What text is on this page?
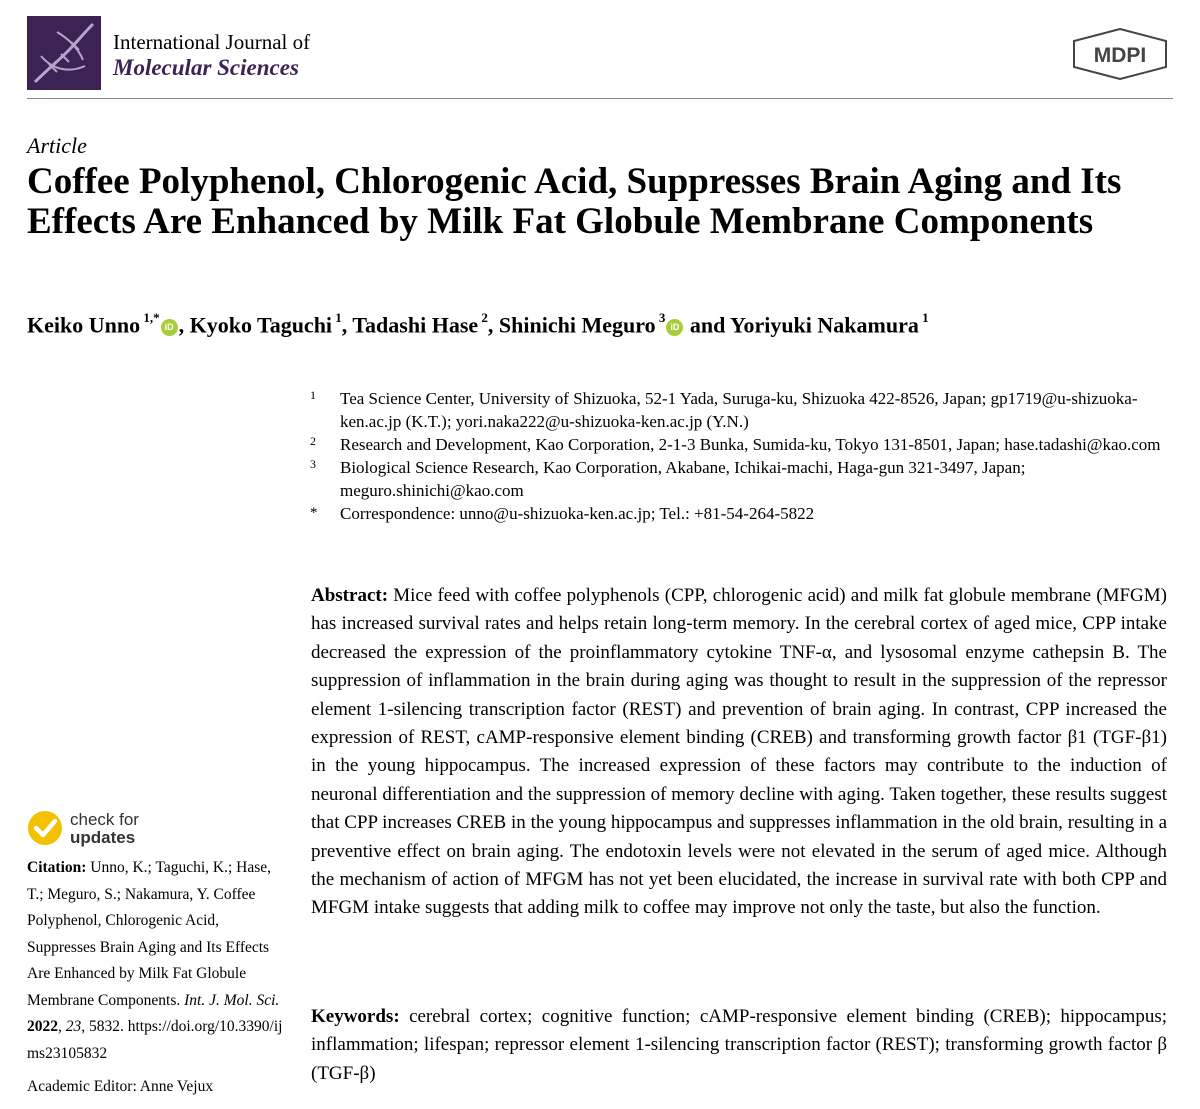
International Journal of
Molecular Sciences	MDPI
Article
Coffee Polyphenol, Chlorogenic Acid, Suppresses Brain Aging and Its Effects Are Enhanced by Milk Fat Globule Membrane Components
Keiko Unno $^{1,*}$iD , Kyoko Taguchi $^1$, Tadashi Hase $^2$, Shinichi Meguro $^3$iD and Yoriyuki Nakamura $^1$
1 Tea Science Center, University of Shizuoka, 52-1 Yada, Suruga-ku, Shizuoka 422-8526, Japan; gp1719@u-shizuoka-ken.ac.jp (K.T.); yori.naka222@u-shizuoka-ken.ac.jp (Y.N.)
2 Research and Development, Kao Corporation, 2-1-3 Bunka, Sumida-ku, Tokyo 131-8501, Japan; hase.tadashi@kao.com
3 Biological Science Research, Kao Corporation, Akabane, Ichikai-machi, Haga-gun 321-3497, Japan; meguro.shinichi@kao.com
* Correspondence: unno@u-shizuoka-ken.ac.jp; Tel.: +81-54-264-5822
Abstract: Mice feed with coffee polyphenols (CPP, chlorogenic acid) and milk fat globule membrane (MFGM) has increased survival rates and helps retain long-term memory. In the cerebral cortex of aged mice, CPP intake decreased the expression of the proinflammatory cytokine TNF-α, and lysosomal enzyme cathepsin B. The suppression of inflammation in the brain during aging was thought to result in the suppression of the repressor element 1-silencing transcription factor (REST) and prevention of brain aging. In contrast, CPP increased the expression of REST, cAMP-responsive element binding (CREB) and transforming growth factor β1 (TGF-β1) in the young hippocampus. The increased expression of these factors may contribute to the induction of neuronal differentiation and the suppression of memory decline with aging. Taken together, these results suggest that CPP increases CREB in the young hippocampus and suppresses inflammation in the old brain, resulting in a preventive effect on brain aging. The endotoxin levels were not elevated in the serum of aged mice. Although the mechanism of action of MFGM has not yet been elucidated, the increase in survival rate with both CPP and MFGM intake suggests that adding milk to coffee may improve not only the taste, but also the function.
Keywords: cerebral cortex; cognitive function; cAMP-responsive element binding (CREB); hippocampus; inflammation; lifespan; repressor element 1-silencing transcription factor (REST); transforming growth factor β (TGF-β)
check for
updates
Citation: Unno, K.; Taguchi, K.; Hase, T.; Meguro, S.; Nakamura, Y. Coffee Polyphenol, Chlorogenic Acid, Suppresses Brain Aging and Its Effects Are Enhanced by Milk Fat Globule Membrane Components. Int. J. Mol. Sci. 2022, 23, 5832. https://doi.org/10.3390/ijms23105832
Academic Editor: Anne Vejux
